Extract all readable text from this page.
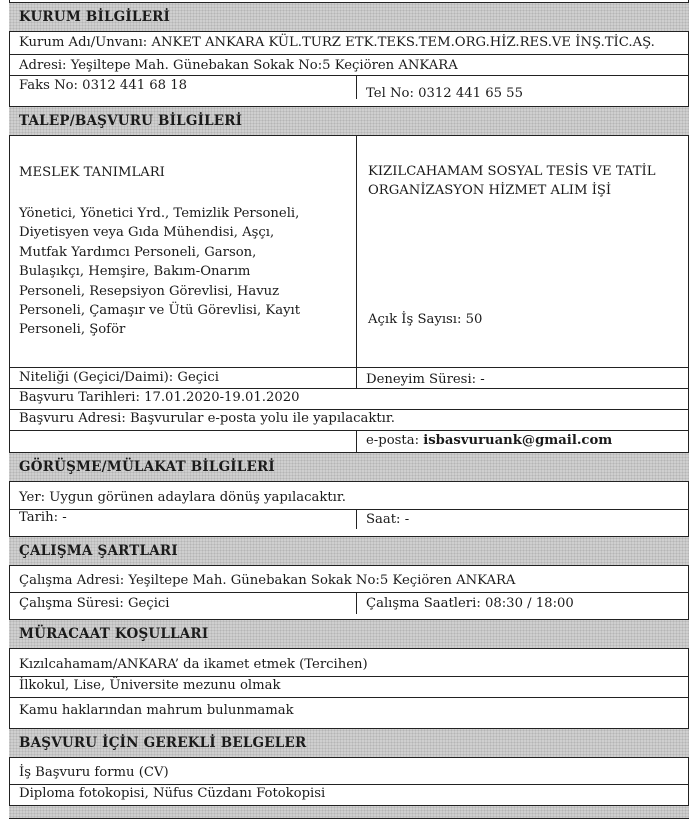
KURUM BİLGİLERİ
Kurum Adı/Unvanı: ANKET ANKARA KÜL.TURZ ETK.TEKS.TEM.ORG.HİZ.RES.VE İNŞ.TİC.AŞ.
Adresi: Yeşiltepe Mah. Günebakan Sokak No:5 Keçiören ANKARA
Faks No: 0312 441 68 18
Tel No: 0312 441 65 55
TALEP/BAŞVURU BİLGİLERİ
MESLEK TANIMLARI
Yönetici, Yönetici Yrd., Temizlik Personeli,
Diyetisyen veya Gıda Mühendisi, Aşçı,
Mutfak Yardımcı Personeli, Garson,
Bulaşıkçı, Hemşire, Bakım-Onarım
Personeli, Resepsiyon Görevlisi, Havuz
Personeli, Çamaşır ve Ütü Görevlisi, Kayıt
Personeli, Şoför
KIZILCAHAMAM SOSYAL TESİS VE TATİL
ORGANİZASYON HİZMET ALIM İŞİ
Açık İş Sayısı: 50
Niteliği (Geçici/Daimi): Geçici	Deneyim Süresi: -
Başvuru Tarihleri: 17.01.2020-19.01.2020
Başvuru Adresi: Başvurular e-posta yolu ile yapılacaktır.
e-posta: isbasvuruank@gmail.com
GÖRÜŞME/MÜLAKAT BİLGİLERİ
Yer: Uygun görünen adaylara dönüş yapılacaktır.
Tarih: -	Saat: -
ÇALIŞMA ŞARTLARI
Çalışma Adresi: Yeşiltepe Mah. Günebakan Sokak No:5 Keçiören ANKARA
Çalışma Süresi: Geçici	Çalışma Saatleri: 08:30 / 18:00
MÜRACAAT KOŞULLARI
Kızılcahamam/ANKARA’ da ikamet etmek (Tercihen)
İlkokul, Lise, Üniversite mezunu olmak
Kamu haklarından mahrum bulunmamak
BAŞVURU İÇİN GEREKLİ BELGELER
İş Başvuru formu (CV)
Diploma fotokopisi, Nüfus Cüzdanı Fotokopisi
